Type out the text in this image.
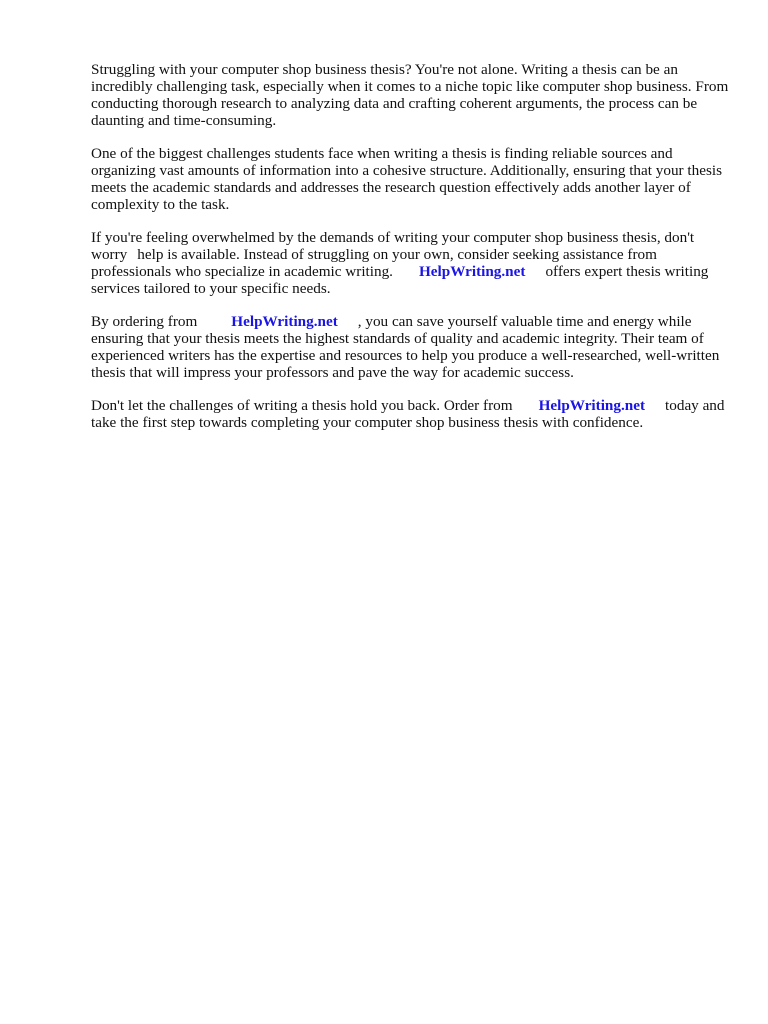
Struggling with your computer shop business thesis? You're not alone. Writing a thesis can be an incredibly challenging task, especially when it comes to a niche topic like computer shop business. From conducting thorough research to analyzing data and crafting coherent arguments, the process can be daunting and time-consuming.

One of the biggest challenges students face when writing a thesis is finding reliable sources and organizing vast amounts of information into a cohesive structure. Additionally, ensuring that your thesis meets the academic standards and addresses the research question effectively adds another layer of complexity to the task.

If you're feeling overwhelmed by the demands of writing your computer shop business thesis, don't worry help is available. Instead of struggling on your own, consider seeking assistance from professionals who specialize in academic writing. HelpWriting.net offers expert thesis writing services tailored to your specific needs.

By ordering from HelpWriting.net , you can save yourself valuable time and energy while ensuring that your thesis meets the highest standards of quality and academic integrity. Their team of experienced writers has the expertise and resources to help you produce a well-researched, well-written thesis that will impress your professors and pave the way for academic success.

Don't let the challenges of writing a thesis hold you back. Order from HelpWriting.net today and take the first step towards completing your computer shop business thesis with confidence.
